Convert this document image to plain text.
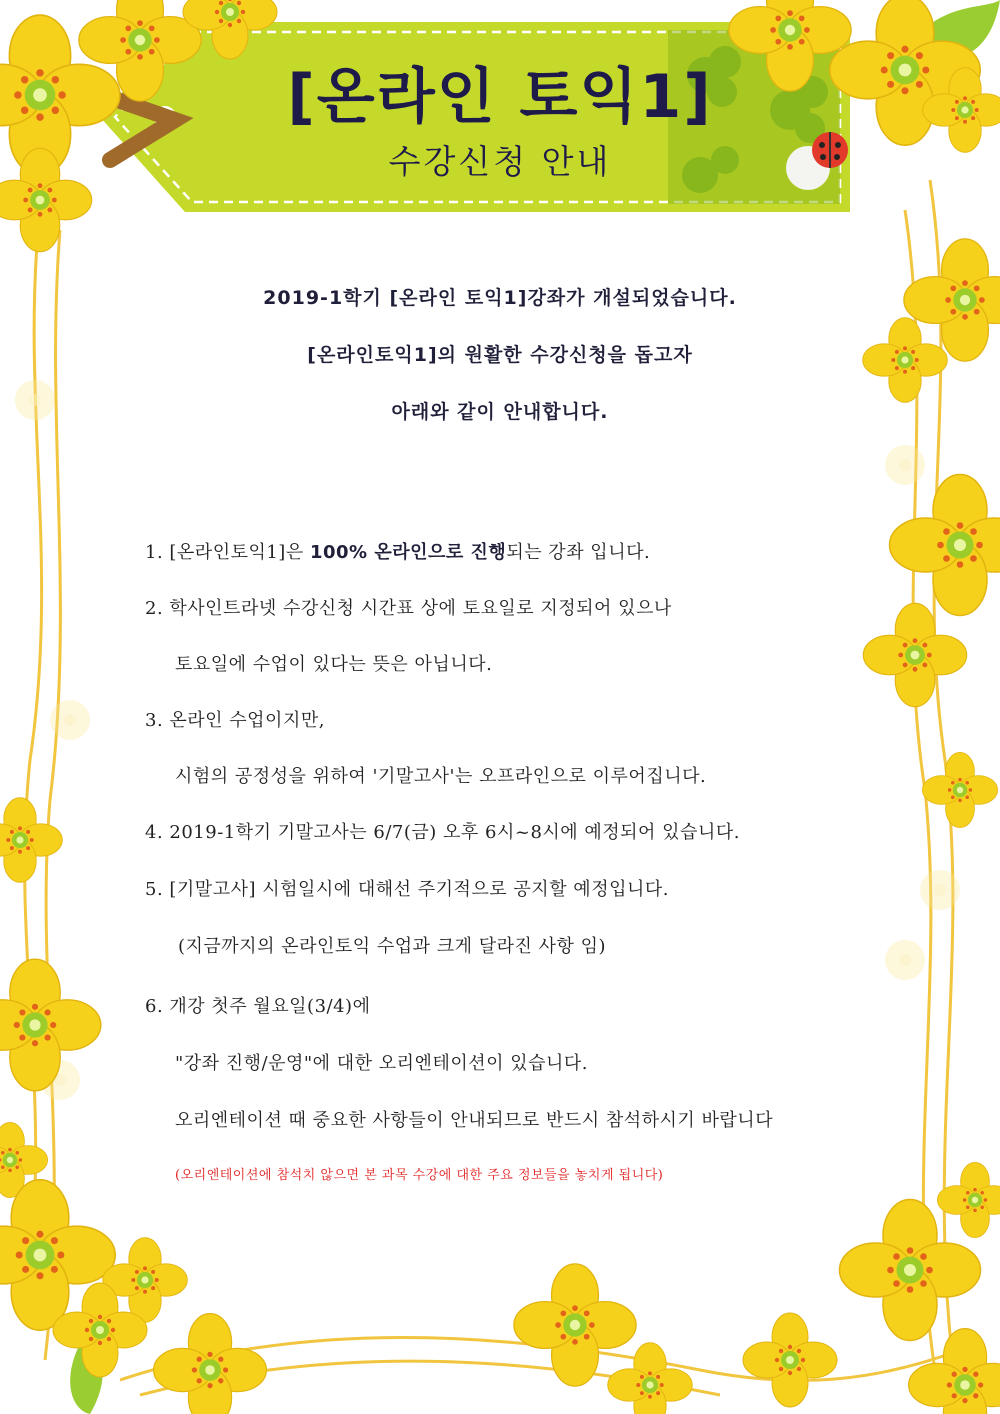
[온라인 토익1]
수강신청 안내
2019-1학기 [온라인 토익1]강좌가 개설되었습니다.
[온라인토익1]의 원활한 수강신청을 돕고자
아래와 같이 안내합니다.
1. [온라인토익1]은 100% 온라인으로 진행되는 강좌 입니다.
2. 학사인트라넷 수강신청 시간표 상에 토요일로 지정되어 있으나
토요일에 수업이 있다는 뜻은 아닙니다.
3. 온라인 수업이지만,
시험의 공정성을 위하여 '기말고사'는 오프라인으로 이루어집니다.
4. 2019-1학기 기말고사는 6/7(금) 오후 6시~8시에 예정되어 있습니다.
5. [기말고사] 시험일시에 대해선 주기적으로 공지할 예정입니다.
(지금까지의 온라인토익 수업과 크게 달라진 사항 임)
6. 개강 첫주 월요일(3/4)에
"강좌 진행/운영"에 대한 오리엔테이션이 있습니다.
오리엔테이션 때 중요한 사항들이 안내되므로 반드시 참석하시기 바랍니다
(오리엔테이션에 참석치 않으면 본 과목 수강에 대한 주요 정보들을 놓치게 됩니다)
